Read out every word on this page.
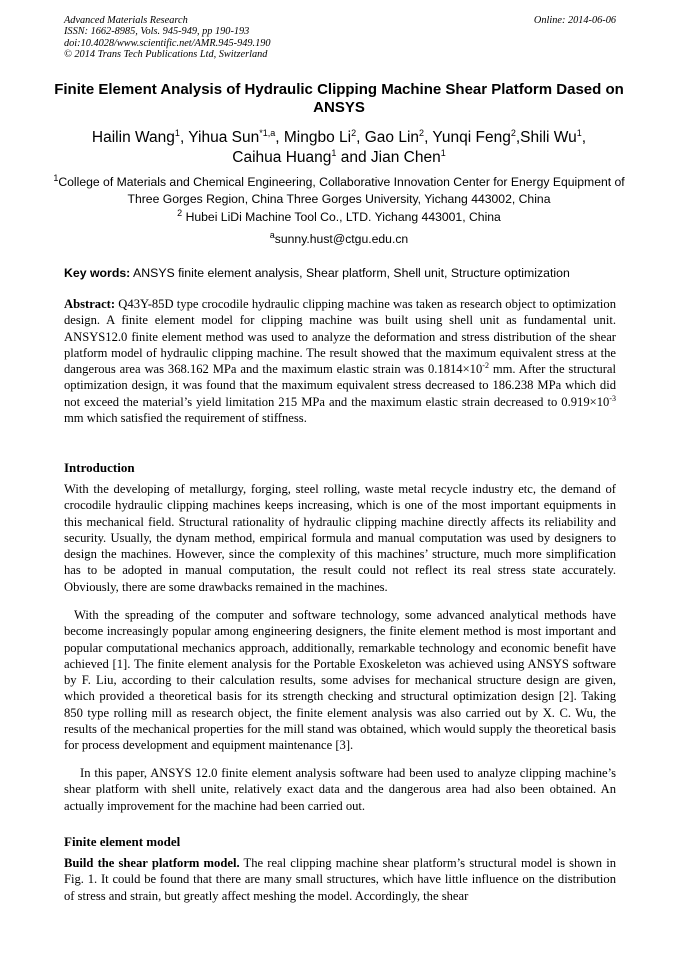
Advanced Materials Research	Online: 2014-06-06
ISSN: 1662-8985, Vols. 945-949, pp 190-193
doi:10.4028/www.scientific.net/AMR.945-949.190
© 2014 Trans Tech Publications Ltd, Switzerland
Finite Element Analysis of Hydraulic Clipping Machine Shear Platform Dased on ANSYS
Hailin Wang$^1$, Yihua Sun$^{*1,a}$, Mingbo Li$^2$, Gao Lin$^2$, Yunqi Feng$^2$,Shili Wu$^1$,
Caihua Huang$^1$ and Jian Chen$^1$
$^1$College of Materials and Chemical Engineering, Collaborative Innovation Center for Energy Equipment of Three Gorges Region, China Three Gorges University, Yichang 443002, China
$^2$ Hubei LiDi Machine Tool Co., LTD. Yichang 443001, China
$^a$sunny.hust@ctgu.edu.cn
Key words: ANSYS finite element analysis, Shear platform, Shell unit, Structure optimization
Abstract: Q43Y-85D type crocodile hydraulic clipping machine was taken as research object to optimization design. A finite element model for clipping machine was built using shell unit as fundamental unit. ANSYS12.0 finite element method was used to analyze the deformation and stress distribution of the shear platform model of hydraulic clipping machine. The result showed that the maximum equivalent stress at the dangerous area was 368.162 MPa and the maximum elastic strain was $0.1814\times 10^{-2}$ mm. After the structural optimization design, it was found that the maximum equivalent stress decreased to 186.238 MPa which did not exceed the material’s yield limitation 215 MPa and the maximum elastic strain decreased to $0.919\times 10^{-3}$ mm which satisfied the requirement of stiffness.
Introduction
With the developing of metallurgy, forging, steel rolling, waste metal recycle industry etc, the demand of crocodile hydraulic clipping machines keeps increasing, which is one of the most important equipments in this mechanical field. Structural rationality of hydraulic clipping machine directly affects its reliability and security. Usually, the dynam method, empirical formula and manual computation was used by designers to design the machines. However, since the complexity of this machines’ structure, much more simplification has to be adopted in manual computation, the result could not reflect its real stress state accurately. Obviously, there are some drawbacks remained in the machines.
With the spreading of the computer and software technology, some advanced analytical methods have become increasingly popular among engineering designers, the finite element method is most important and popular computational mechanics approach, additionally, remarkable technology and economic benefit have achieved [1]. The finite element analysis for the Portable Exoskeleton was achieved using ANSYS software by F. Liu, according to their calculation results, some advises for mechanical structure design are given, which provided a theoretical basis for its strength checking and structural optimization design [2]. Taking 850 type rolling mill as research object, the finite element analysis was also carried out by X. C. Wu, the results of the mechanical properties for the mill stand was obtained, which would supply the theoretical basis for process development and equipment maintenance [3].
In this paper, ANSYS 12.0 finite element analysis software had been used to analyze clipping machine’s shear platform with shell unite, relatively exact data and the dangerous area had also been obtained. An actually improvement for the machine had been carried out.
Finite element model
Build the shear platform model. The real clipping machine shear platform’s structural model is shown in Fig. 1. It could be found that there are many small structures, which have little influence on the distribution of stress and strain, but greatly affect meshing the model. Accordingly, the shear
